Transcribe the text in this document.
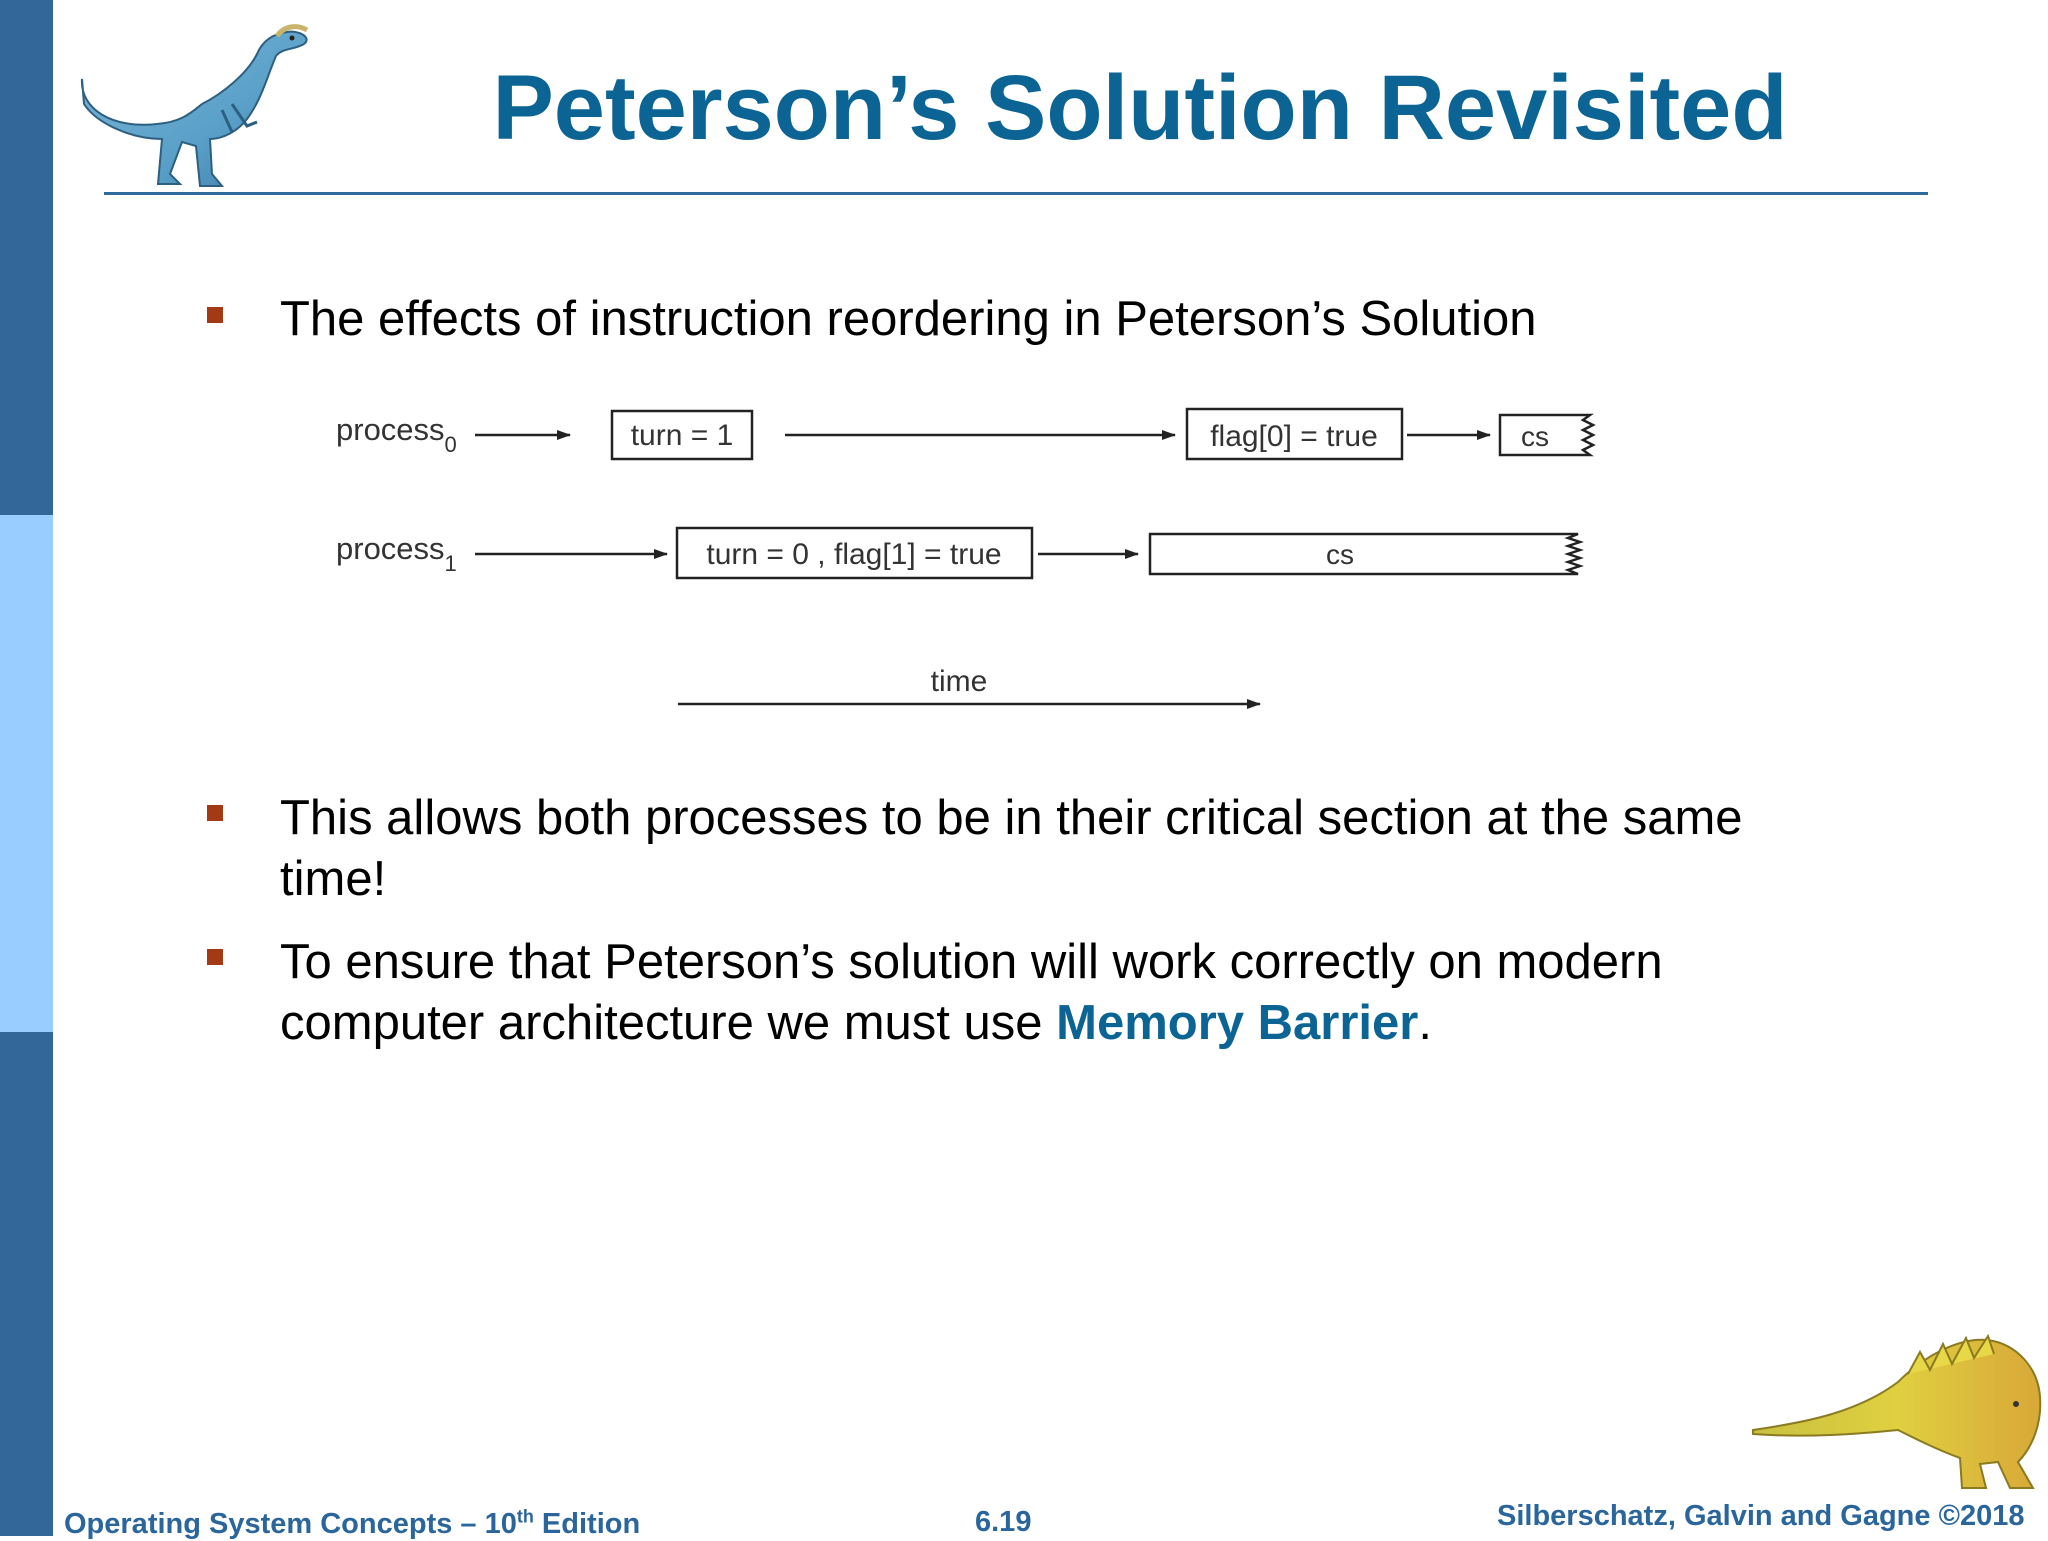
Peterson’s Solution Revisited
The effects of instruction reordering in Peterson’s Solution
process$_0$	turn = 1	flag[0] = true	cs
process$_1$	turn = 0 , flag[1] = true	cs
time
This allows both processes to be in their critical section at the same
time!
To ensure that Peterson’s solution will work correctly on modern
computer architecture we must use Memory Barrier.
Operating System Concepts – 10th Edition	6.19	Silberschatz, Galvin and Gagne ©2018
